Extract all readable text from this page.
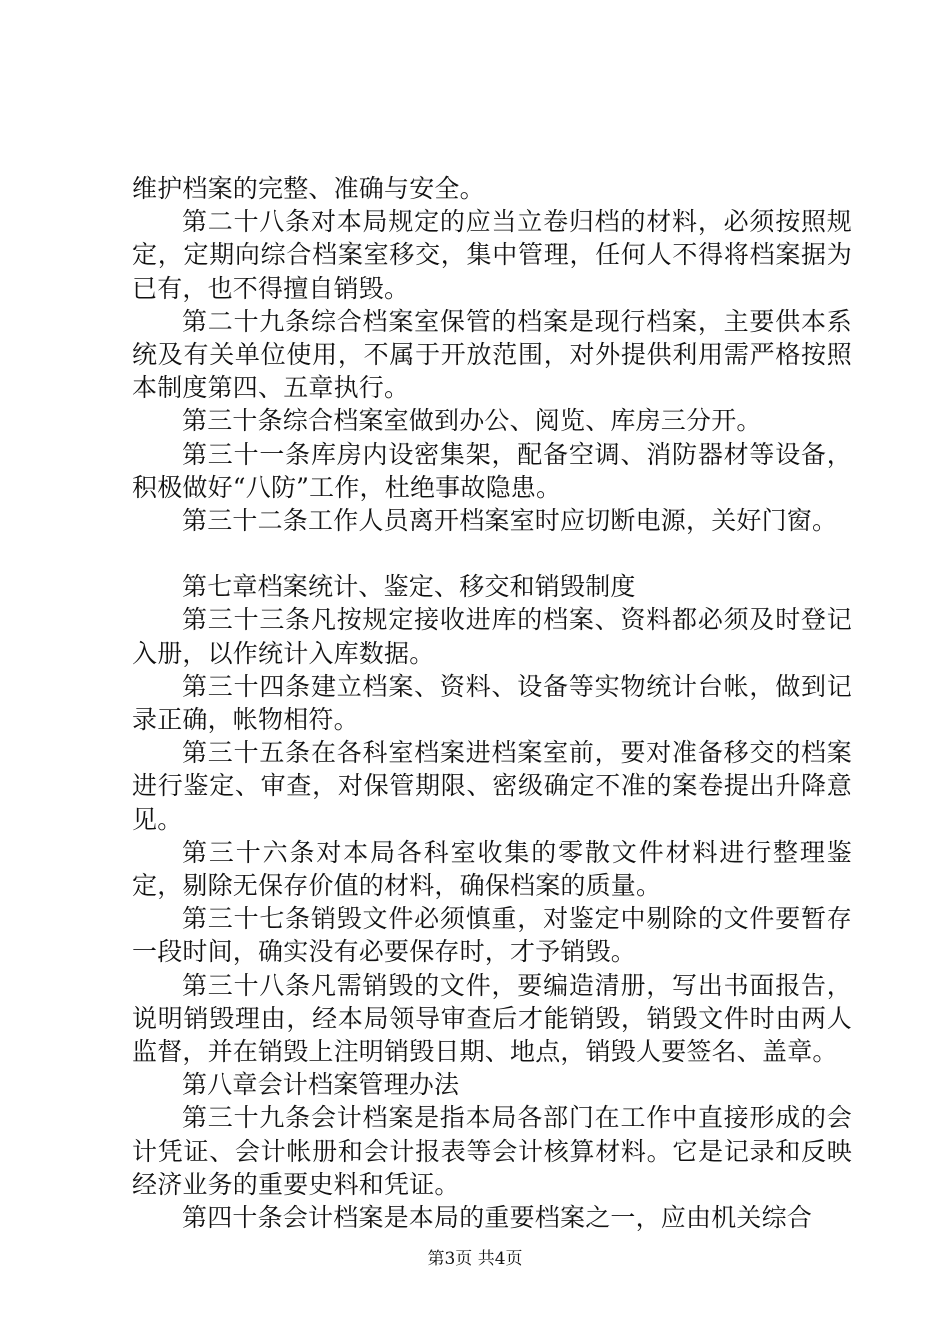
维护档案的完整、准确与安全。

第二十八条对本局规定的应当立卷归档的材料，必须按照规定，定期向综合档案室移交，集中管理，任何人不得将档案据为已有，也不得擅自销毁。

第二十九条综合档案室保管的档案是现行档案，主要供本系统及有关单位使用，不属于开放范围，对外提供利用需严格按照本制度第四、五章执行。

第三十条综合档案室做到办公、阅览、库房三分开。

第三十一条库房内设密集架，配备空调、消防器材等设备，积极做好“八防”工作，杜绝事故隐患。

第三十二条工作人员离开档案室时应切断电源，关好门窗。

第七章档案统计、鉴定、移交和销毁制度

第三十三条凡按规定接收进库的档案、资料都必须及时登记入册，以作统计入库数据。

第三十四条建立档案、资料、设备等实物统计台帐，做到记录正确，帐物相符。

第三十五条在各科室档案进档案室前，要对准备移交的档案进行鉴定、审查，对保管期限、密级确定不准的案卷提出升降意见。

第三十六条对本局各科室收集的零散文件材料进行整理鉴定，剔除无保存价值的材料，确保档案的质量。

第三十七条销毁文件必须慎重，对鉴定中剔除的文件要暂存一段时间，确实没有必要保存时，才予销毁。

第三十八条凡需销毁的文件，要编造清册，写出书面报告，说明销毁理由，经本局领导审查后才能销毁，销毁文件时由两人监督，并在销毁上注明销毁日期、地点，销毁人要签名、盖章。

第八章会计档案管理办法

第三十九条会计档案是指本局各部门在工作中直接形成的会计凭证、会计帐册和会计报表等会计核算材料。它是记录和反映经济业务的重要史料和凭证。

第四十条会计档案是本局的重要档案之一，应由机关综合

第3页 共4页
